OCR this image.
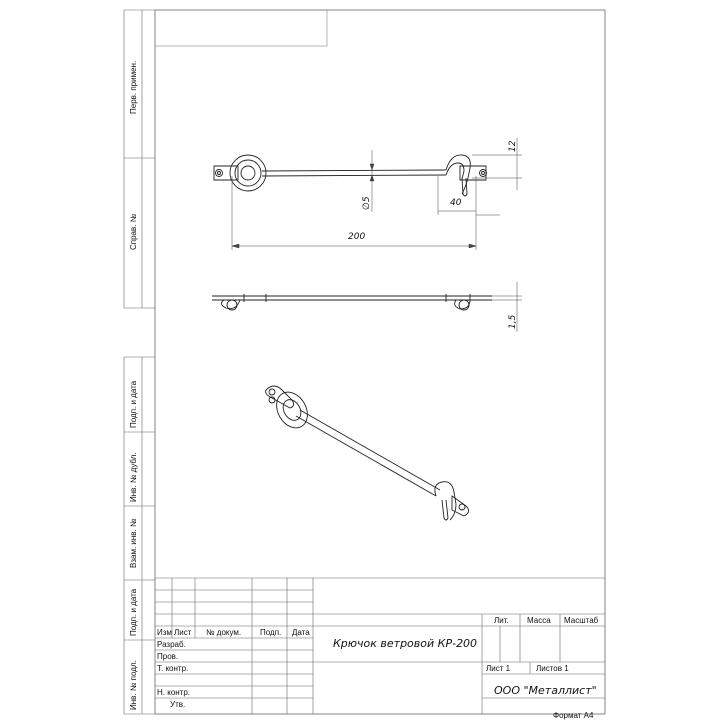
Перв. примен.
Справ. №
Подп. и дата
Инв. № дубл.
Взам. инв. №
Подп. и дата
Инв. № подл.
200
40
12
∅5
1,5
Изм Лист № докум. Подп. Дата
Разраб.
Пров.
Т. контр.
Н. контр.
Утв.
Крючок ветровой КР-200
Лит. Масса Масштаб
Лист 1	Листов 1
ООО "Металлист"
Формат А4
